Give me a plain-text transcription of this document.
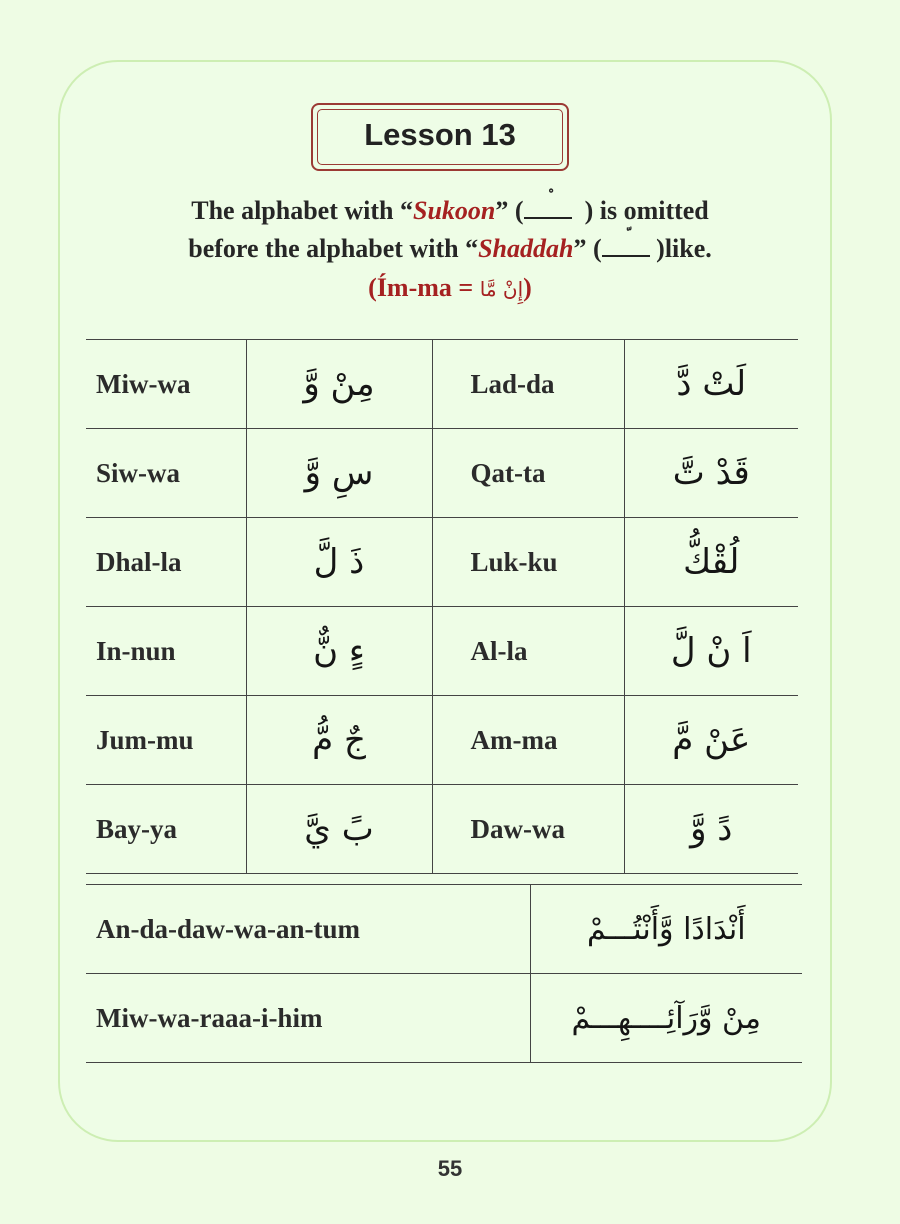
Lesson 13
The alphabet with “Sukoon” ( ) is omitted
before the alphabet with “Shaddah” ( )like.
(Ím-ma = إِنْ مَّا)
Miw-wa	مِنْ وَّ	Lad-da	لَتْ دَّ
Siw-wa	سِ وَّ	Qat-ta	قَدْ تَّ
Dhal-la	ذَ لَّ	Luk-ku	لُقْكُّ
In-nun	ءٍ نٌّ	Al-la	اَ نْ لَّ
Jum-mu	جٌ مُّ	Am-ma	عَنْ مَّ
Bay-ya	بً يَّ	Daw-wa	دً وَّ
An-da-daw-wa-an-tum	أَنْدَادًا وَّأَنْتُـــمْ
Miw-wa-raaa-i-him	مِنْ وَّرَآئِــــهِـــمْ
55
